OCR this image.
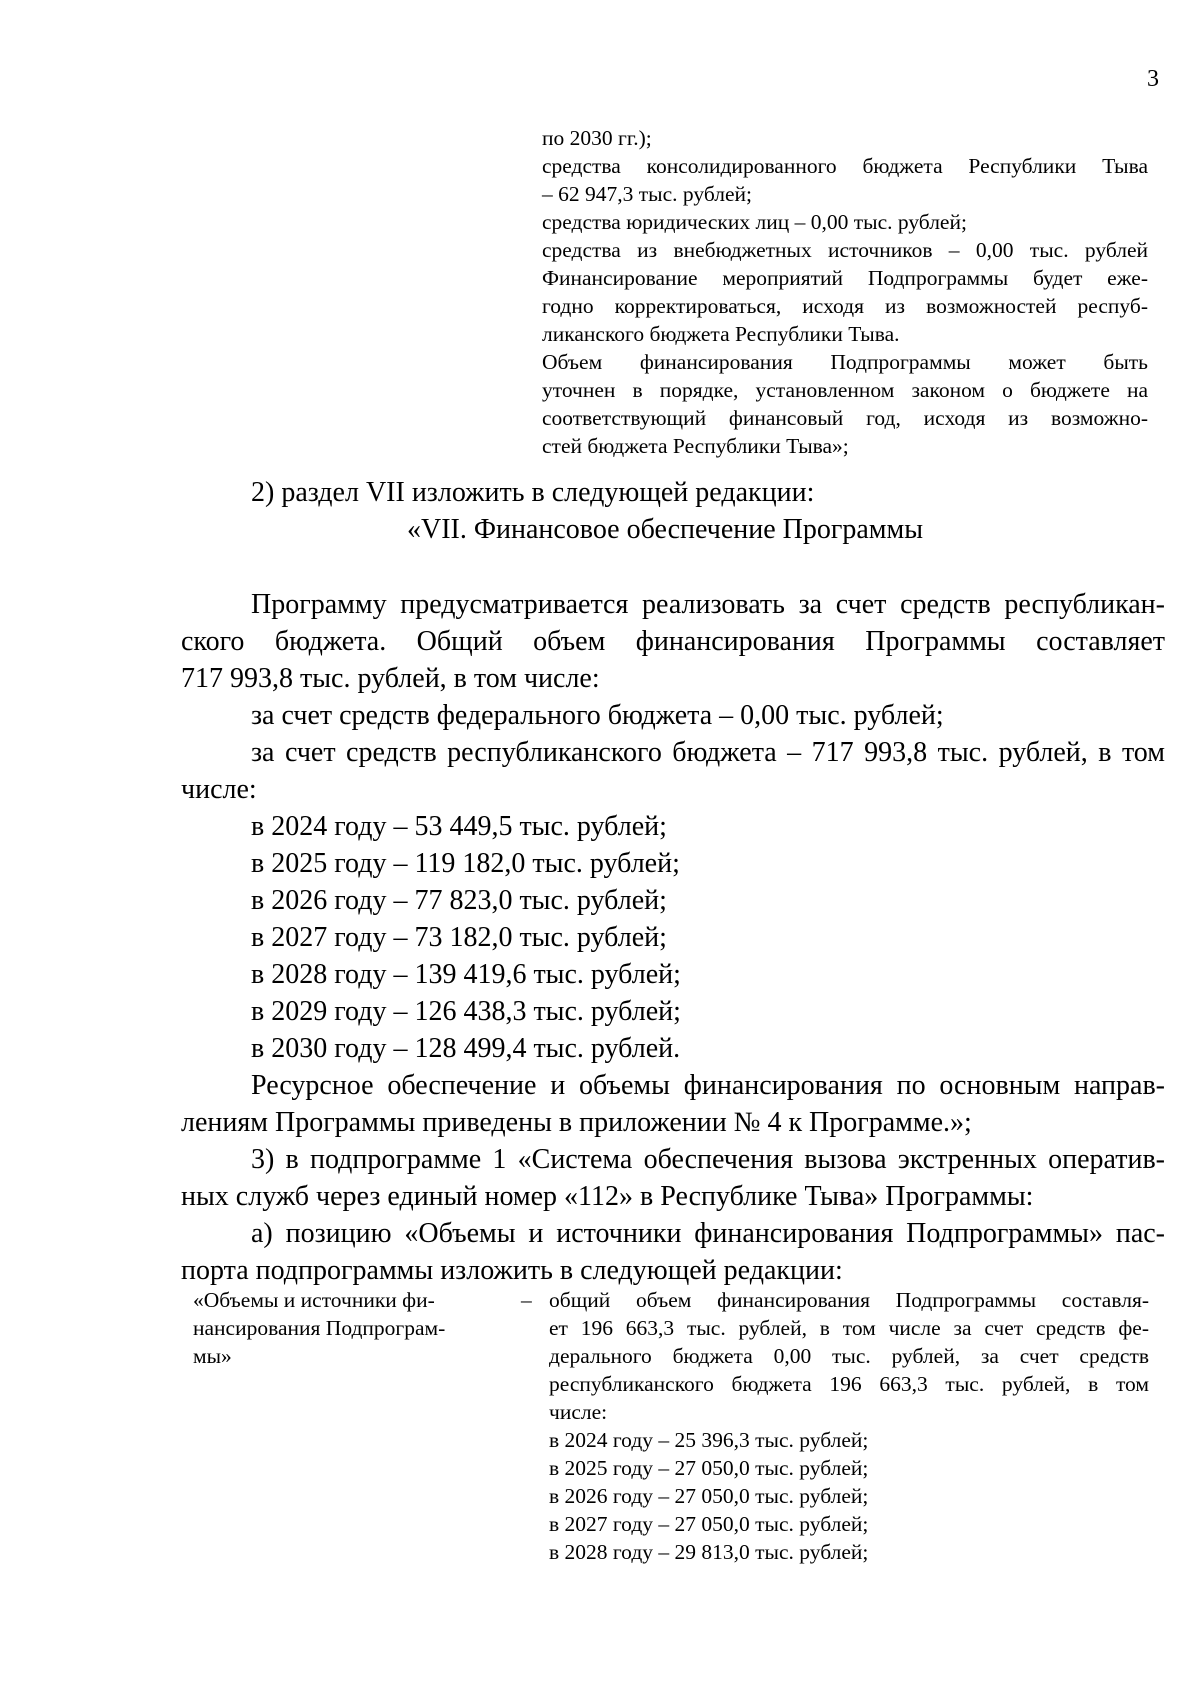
3
по 2030 гг.);
средства консолидированного бюджета Республики Тыва
– 62 947,3 тыс. рублей;
средства юридических лиц – 0,00 тыс. рублей;
средства из внебюджетных источников – 0,00 тыс. рублей
Финансирование мероприятий Подпрограммы будет еже-
годно корректироваться, исходя из возможностей респуб-
ликанского бюджета Республики Тыва.
Объем финансирования Подпрограммы может быть
уточнен в порядке, установленном законом о бюджете на
соответствующий финансовый год, исходя из возможно-
стей бюджета Республики Тыва»;
2) раздел VII изложить в следующей редакции:
«VII. Финансовое обеспечение Программы
Программу предусматривается реализовать за счет средств республикан-
ского бюджета. Общий объем финансирования Программы составляет
717 993,8 тыс. рублей, в том числе:
за счет средств федерального бюджета – 0,00 тыс. рублей;
за счет средств республиканского бюджета – 717 993,8 тыс. рублей, в том
числе:
в 2024 году – 53 449,5 тыс. рублей;
в 2025 году – 119 182,0 тыс. рублей;
в 2026 году – 77 823,0 тыс. рублей;
в 2027 году – 73 182,0 тыс. рублей;
в 2028 году – 139 419,6 тыс. рублей;
в 2029 году – 126 438,3 тыс. рублей;
в 2030 году – 128 499,4 тыс. рублей.
Ресурсное обеспечение и объемы финансирования по основным направ-
лениям Программы приведены в приложении № 4 к Программе.»;
3) в подпрограмме 1 «Система обеспечения вызова экстренных оператив-
ных служб через единый номер «112» в Республике Тыва» Программы:
а) позицию «Объемы и источники финансирования Подпрограммы» пас-
порта подпрограммы изложить в следующей редакции:
«Объемы и источники фи-
нансирования Подпрограм-
мы»
– общий объем финансирования Подпрограммы составля-
ет 196 663,3 тыс. рублей, в том числе за счет средств фе-
дерального бюджета 0,00 тыс. рублей, за счет средств
республиканского бюджета 196 663,3 тыс. рублей, в том
числе:
в 2024 году – 25 396,3 тыс. рублей;
в 2025 году – 27 050,0 тыс. рублей;
в 2026 году – 27 050,0 тыс. рублей;
в 2027 году – 27 050,0 тыс. рублей;
в 2028 году – 29 813,0 тыс. рублей;
